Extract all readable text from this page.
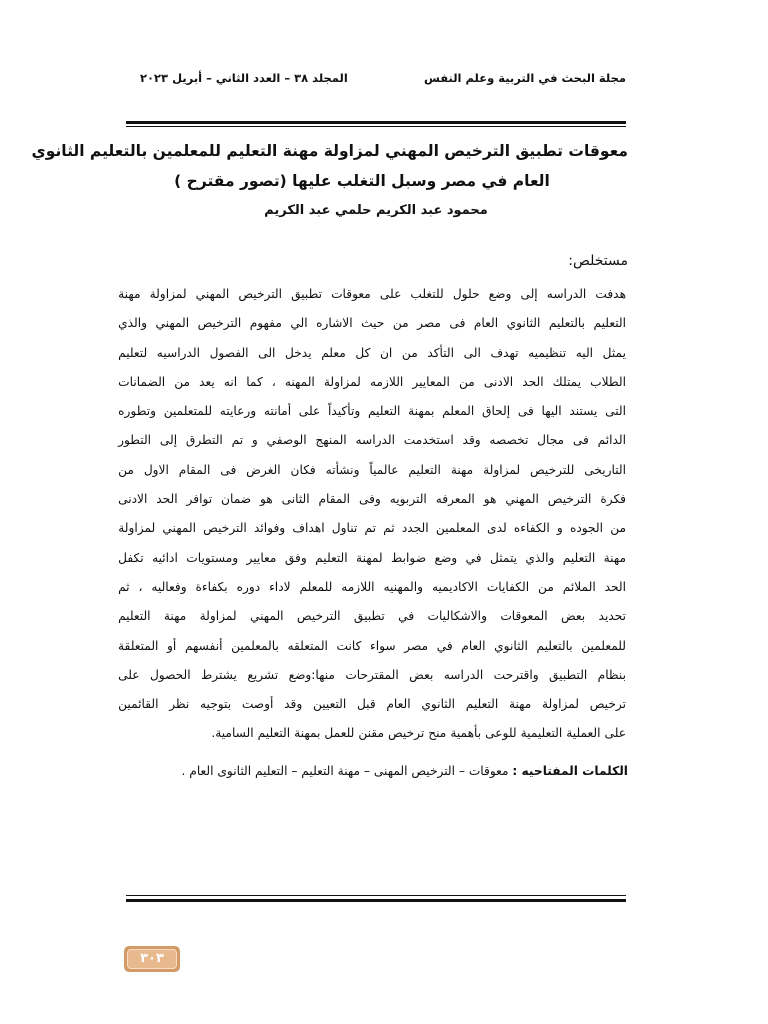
مجلة البحث في التربية وعلم النفس
المجلد ٣٨ – العدد الثاني – أبريل ٢٠٢٣
معوقات تطبيق الترخيص المهني لمزاولة مهنة التعليم للمعلمين بالتعليم الثانوي
العام في مصر وسبل التغلب عليها (تصور مقترح )
محمود عبد الكريم حلمي عبد الكريم
مستخلص:
هدفت
الدراسه
إلى
وضع
حلول
للتغلب
على
معوقات
تطبيق
الترخيص
المهني
لمزاولة
مهنة
التعليم
بالتعليم
الثانوي
العام
فى
مصر
من
حيث
الاشاره
الي
مفهوم
الترخيص
المهني
والذي
يمثل
اليه
تنظيميه
تهدف
الى
التأكد
من
ان
كل
معلم
يدخل
الى
الفصول
الدراسيه
لتعليم
الطلاب
يمتلك
الحد
الادنى
من
المعايير
اللازمه
لمزاولة
المهنه
،
كما
انه
يعد
من
الضمانات
التى
يستند
اليها
فى
إلحاق
المعلم
بمهنة
التعليم
وتأكيداً
على
أمانته
ورعايته
للمتعلمين
وتطوره
الدائم
فى
مجال
تخصصه
وقد
استخدمت
الدراسه
المنهج
الوصفي
و
تم
التطرق
إلى
التطور
التاريخى
للترخيص
لمزاولة
مهنة
التعليم
عالمياً
ونشأته
فكان
الغرض
فى
المقام
الاول
من
فكرة
الترخيص
المهني
هو
المعرفه
التربويه
وفى
المقام
الثانى
هو
ضمان
توافر
الحد
الادنى
من
الجوده
و
الكفاءه
لدى
المعلمين
الجدد
ثم
تم
تناول
اهداف
وفوائد
الترخيص
المهني
لمزاولة
مهنة
التعليم
والذي
يتمثل
في
وضع
ضوابط
لمهنة
التعليم
وفق
معايير
ومستويات
ادائيه
تكفل
الحد
الملائم
من
الكفايات
الاكاديميه
والمهنيه
اللازمه
للمعلم
لاداء
دوره
بكفاءة
وفعاليه
،
ثم
تحديد
بعض
المعوقات
والاشكاليات
في
تطبيق
الترخيص
المهني
لمزاولة
مهنة
التعليم
للمعلمين
بالتعليم
الثانوي
العام
في
مصر
سواء
كانت
المتعلقه
بالمعلمين
أنفسهم
أو
المتعلقة
بنظام
التطبيق
واقترحت
الدراسه
بعض
المقترحات
منها:وضع
تشريع
يشترط
الحصول
على
ترخيص
لمزاولة
مهنة
التعليم
الثانوي
العام
قبل
التعيين
وقد
أوصت
بتوجيه
نظر
القائمين
على
العملية
التعليمية
للوعى
بأهمية
منح
ترخيص
مقنن
للعمل
بمهنة
التعليم
السامية.
الكلمات المفتاحيه : معوقات – الترخيص المهنى – مهنة التعليم – التعليم الثانوى العام .
٣٠٣
